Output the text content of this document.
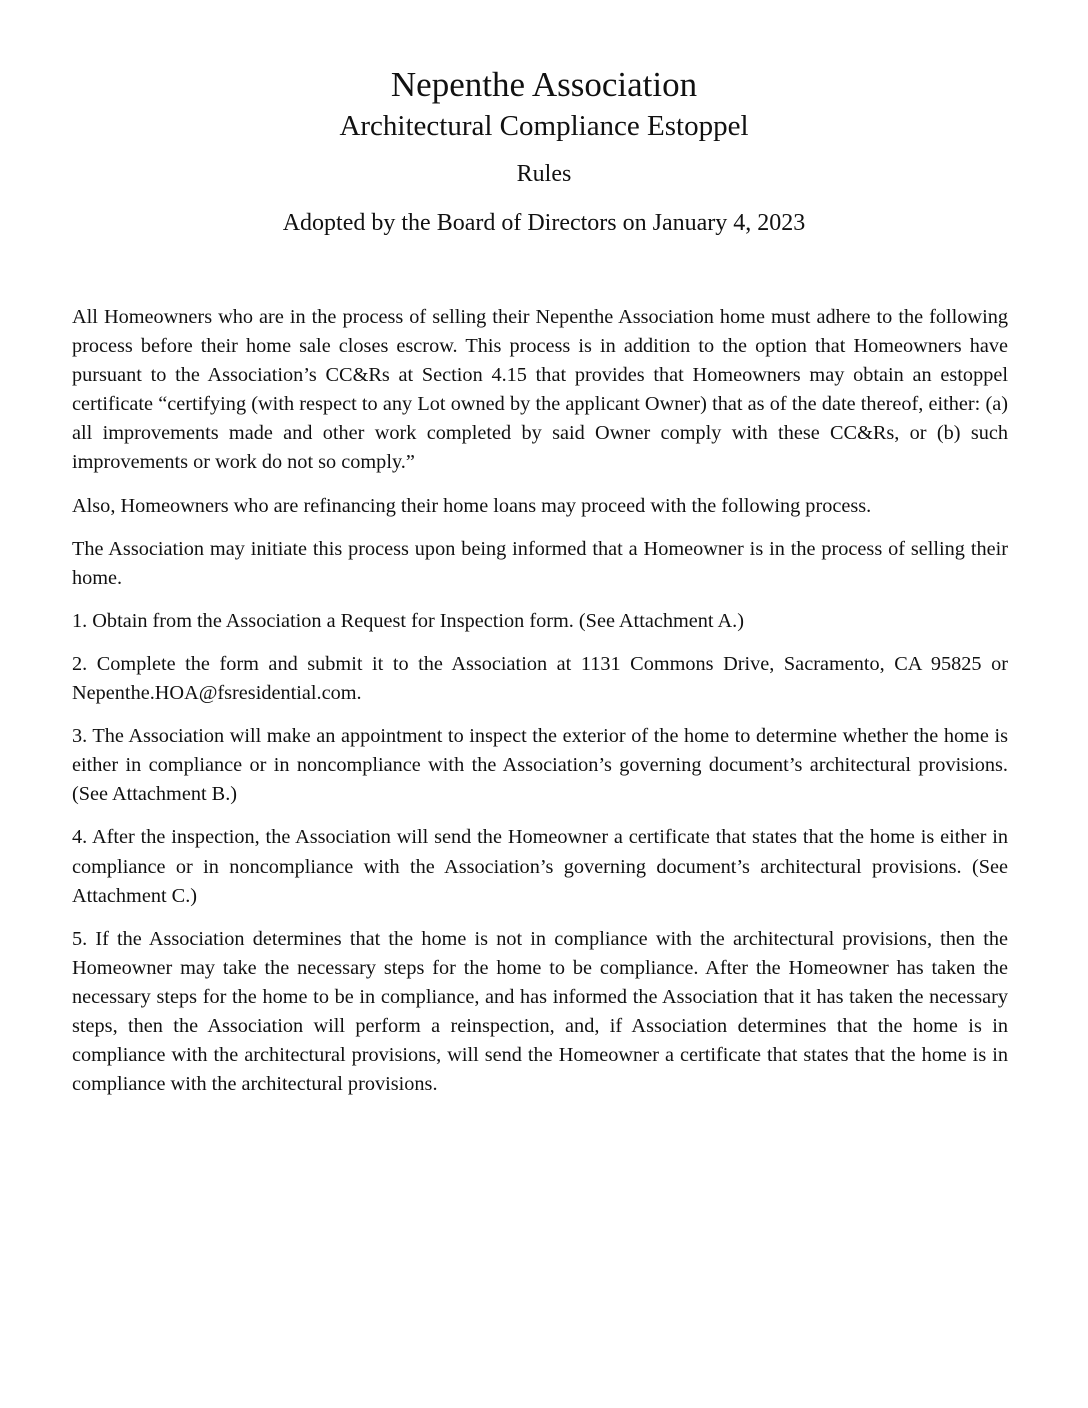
Nepenthe Association
Architectural Compliance Estoppel
Rules
Adopted by the Board of Directors on January 4, 2023

All Homeowners who are in the process of selling their Nepenthe Association home must adhere to the following process before their home sale closes escrow. This process is in addition to the option that Homeowners have pursuant to the Association’s CC&Rs at Section 4.15 that provides that Homeowners may obtain an estoppel certificate “certifying (with respect to any Lot owned by the applicant Owner) that as of the date thereof, either: (a) all improvements made and other work completed by said Owner comply with these CC&Rs, or (b) such improvements or work do not so comply.”

Also, Homeowners who are refinancing their home loans may proceed with the following process.

The Association may initiate this process upon being informed that a Homeowner is in the process of selling their home.

1. Obtain from the Association a Request for Inspection form. (See Attachment A.)

2. Complete the form and submit it to the Association at 1131 Commons Drive, Sacramento, CA 95825 or Nepenthe.HOA@fsresidential.com.

3. The Association will make an appointment to inspect the exterior of the home to determine whether the home is either in compliance or in noncompliance with the Association’s governing document’s architectural provisions. (See Attachment B.)

4. After the inspection, the Association will send the Homeowner a certificate that states that the home is either in compliance or in noncompliance with the Association’s governing document’s architectural provisions. (See Attachment C.)

5. If the Association determines that the home is not in compliance with the architectural provisions, then the Homeowner may take the necessary steps for the home to be compliance. After the Homeowner has taken the necessary steps for the home to be in compliance, and has informed the Association that it has taken the necessary steps, then the Association will perform a reinspection, and, if Association determines that the home is in compliance with the architectural provisions, will send the Homeowner a certificate that states that the home is in compliance with the architectural provisions.
